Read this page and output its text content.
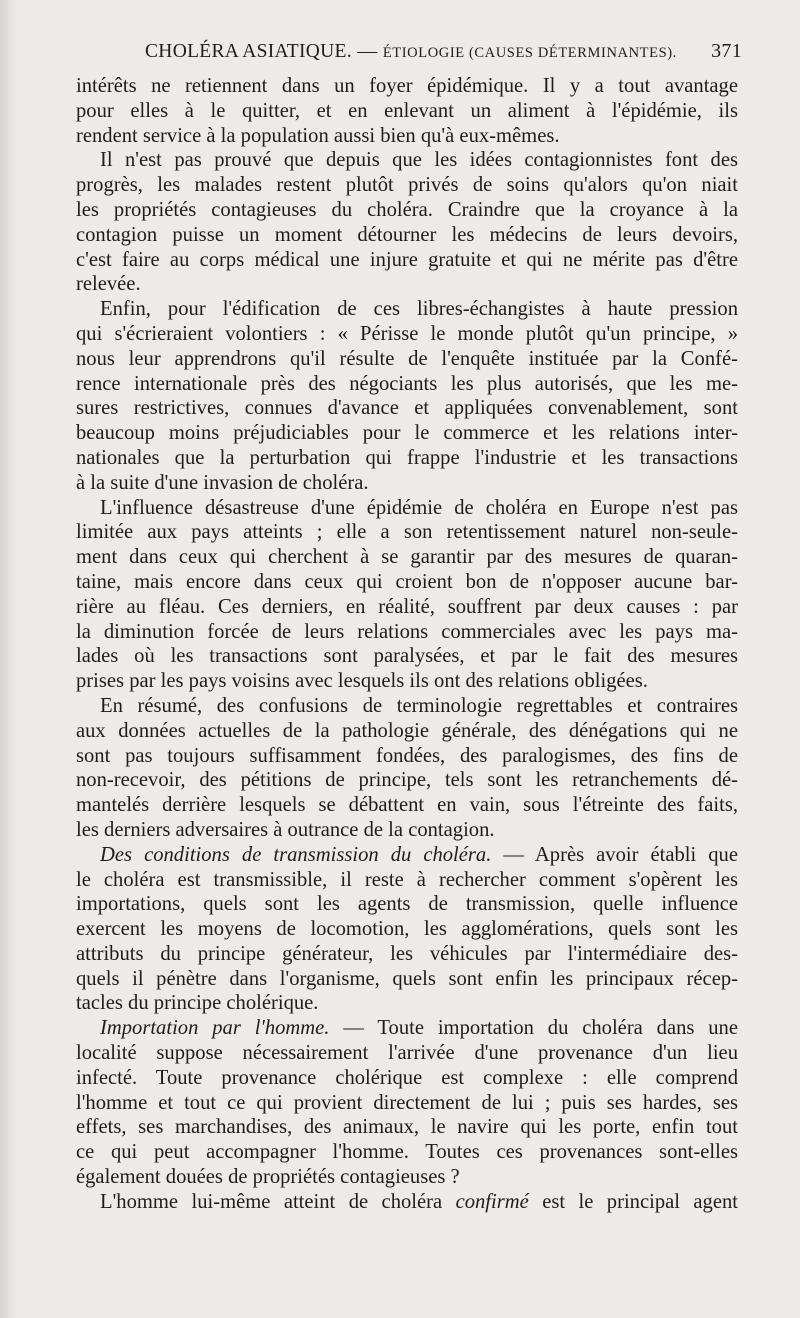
CHOLÉRA ASIATIQUE. — ÉTIOLOGIE (CAUSES DÉTERMINANTES). 371
intérêts ne retiennent dans un foyer épidémique. Il y a tout avantage
pour elles à le quitter, et en enlevant un aliment à l'épidémie, ils
rendent service à la population aussi bien qu'à eux-mêmes.
Il n'est pas prouvé que depuis que les idées contagionnistes font des
progrès, les malades restent plutôt privés de soins qu'alors qu'on niait
les propriétés contagieuses du choléra. Craindre que la croyance à la
contagion puisse un moment détourner les médecins de leurs devoirs,
c'est faire au corps médical une injure gratuite et qui ne mérite pas d'être
relevée.
Enfin, pour l'édification de ces libres-échangistes à haute pression
qui s'écrieraient volontiers : « Périsse le monde plutôt qu'un principe, »
nous leur apprendrons qu'il résulte de l'enquête instituée par la Confé-
rence internationale près des négociants les plus autorisés, que les me-
sures restrictives, connues d'avance et appliquées convenablement, sont
beaucoup moins préjudiciables pour le commerce et les relations inter-
nationales que la perturbation qui frappe l'industrie et les transactions
à la suite d'une invasion de choléra.
L'influence désastreuse d'une épidémie de choléra en Europe n'est pas
limitée aux pays atteints ; elle a son retentissement naturel non-seule-
ment dans ceux qui cherchent à se garantir par des mesures de quaran-
taine, mais encore dans ceux qui croient bon de n'opposer aucune bar-
rière au fléau. Ces derniers, en réalité, souffrent par deux causes : par
la diminution forcée de leurs relations commerciales avec les pays ma-
lades où les transactions sont paralysées, et par le fait des mesures
prises par les pays voisins avec lesquels ils ont des relations obligées.
En résumé, des confusions de terminologie regrettables et contraires
aux données actuelles de la pathologie générale, des dénégations qui ne
sont pas toujours suffisamment fondées, des paralogismes, des fins de
non-recevoir, des pétitions de principe, tels sont les retranchements dé-
mantelés derrière lesquels se débattent en vain, sous l'étreinte des faits,
les derniers adversaires à outrance de la contagion.
Des conditions de transmission du choléra. — Après avoir établi que
le choléra est transmissible, il reste à rechercher comment s'opèrent les
importations, quels sont les agents de transmission, quelle influence
exercent les moyens de locomotion, les agglomérations, quels sont les
attributs du principe générateur, les véhicules par l'intermédiaire des-
quels il pénètre dans l'organisme, quels sont enfin les principaux récep-
tacles du principe cholérique.
Importation par l'homme. — Toute importation du choléra dans une
localité suppose nécessairement l'arrivée d'une provenance d'un lieu
infecté. Toute provenance cholérique est complexe : elle comprend
l'homme et tout ce qui provient directement de lui ; puis ses hardes, ses
effets, ses marchandises, des animaux, le navire qui les porte, enfin tout
ce qui peut accompagner l'homme. Toutes ces provenances sont-elles
également douées de propriétés contagieuses ?
L'homme lui-même atteint de choléra confirmé est le principal agent
